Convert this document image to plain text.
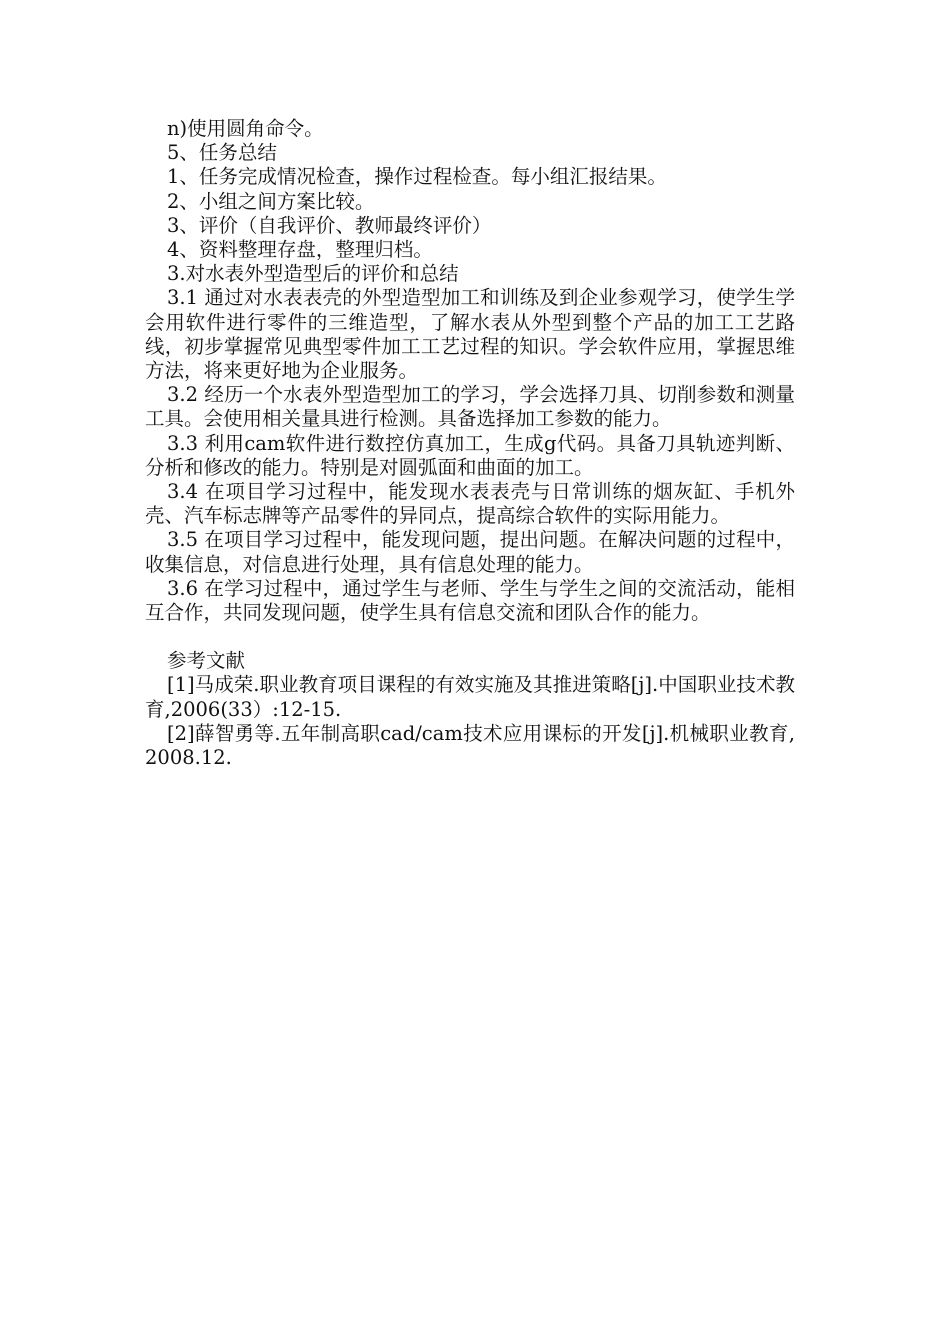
n)使用圆角命令。

5、任务总结

1、任务完成情况检查，操作过程检查。每小组汇报结果。

2、小组之间方案比较。

3、评价（自我评价、教师最终评价）

4、资料整理存盘，整理归档。

3.对水表外型造型后的评价和总结

3.1 通过对水表表壳的外型造型加工和训练及到企业参观学习，使学生学会用软件进行零件的三维造型，了解水表从外型到整个产品的加工工艺路线，初步掌握常见典型零件加工工艺过程的知识。学会软件应用，掌握思维方法，将来更好地为企业服务。

3.2 经历一个水表外型造型加工的学习，学会选择刀具、切削参数和测量工具。会使用相关量具进行检测。具备选择加工参数的能力。

3.3 利用cam软件进行数控仿真加工，生成g代码。具备刀具轨迹判断、分析和修改的能力。特别是对圆弧面和曲面的加工。

3.4 在项目学习过程中，能发现水表表壳与日常训练的烟灰缸、手机外壳、汽车标志牌等产品零件的异同点，提高综合软件的实际用能力。

3.5 在项目学习过程中，能发现问题，提出问题。在解决问题的过程中，收集信息，对信息进行处理，具有信息处理的能力。

3.6 在学习过程中，通过学生与老师、学生与学生之间的交流活动，能相互合作，共同发现问题，使学生具有信息交流和团队合作的能力。

参考文献

[1]马成荣.职业教育项目课程的有效实施及其推进策略[j].中国职业技术教育,2006(33）:12-15.

[2]薛智勇等.五年制高职cad/cam技术应用课标的开发[j].机械职业教育,2008.12.
